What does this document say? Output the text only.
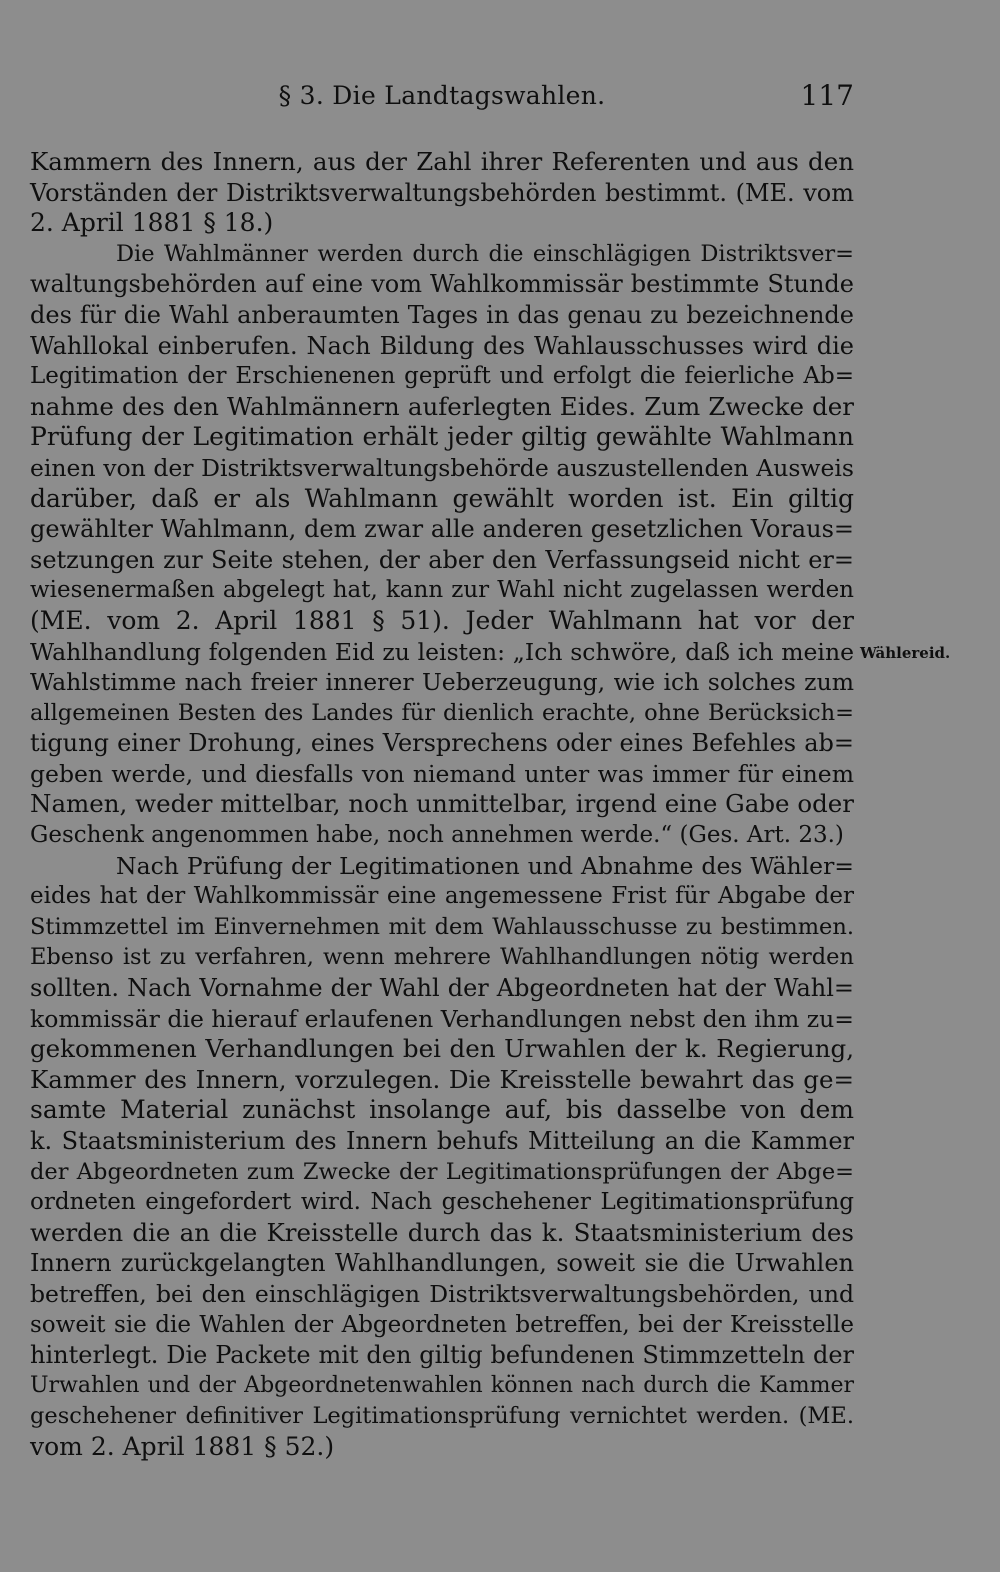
§ 3. Die Landtagswahlen.	117
Kammern des Innern, aus der Zahl ihrer Referenten und aus den
Vorständen der Distriktsverwaltungsbehörden bestimmt. (ME. vom
2. April 1881 § 18.)
Die Wahlmänner werden durch die einschlägigen Distriktsver=
waltungsbehörden auf eine vom Wahlkommissär bestimmte Stunde
des für die Wahl anberaumten Tages in das genau zu bezeichnende
Wahllokal einberufen. Nach Bildung des Wahlausschusses wird die
Legitimation der Erschienenen geprüft und erfolgt die feierliche Ab=
nahme des den Wahlmännern auferlegten Eides. Zum Zwecke der
Prüfung der Legitimation erhält jeder giltig gewählte Wahlmann
einen von der Distriktsverwaltungsbehörde auszustellenden Ausweis
darüber, daß er als Wahlmann gewählt worden ist. Ein giltig
gewählter Wahlmann, dem zwar alle anderen gesetzlichen Voraus=
setzungen zur Seite stehen, der aber den Verfassungseid nicht er=
wiesenermaßen abgelegt hat, kann zur Wahl nicht zugelassen werden
(ME. vom 2. April 1881 § 51). Jeder Wahlmann hat vor der
Wahlhandlung folgenden Eid zu leisten: „Ich schwöre, daß ich meine
Wahlstimme nach freier innerer Ueberzeugung, wie ich solches zum
allgemeinen Besten des Landes für dienlich erachte, ohne Berücksich=
tigung einer Drohung, eines Versprechens oder eines Befehles ab=
geben werde, und diesfalls von niemand unter was immer für einem
Namen, weder mittelbar, noch unmittelbar, irgend eine Gabe oder
Geschenk angenommen habe, noch annehmen werde.“ (Ges. Art. 23.)
Nach Prüfung der Legitimationen und Abnahme des Wähler=
eides hat der Wahlkommissär eine angemessene Frist für Abgabe der
Stimmzettel im Einvernehmen mit dem Wahlausschusse zu bestimmen.
Ebenso ist zu verfahren, wenn mehrere Wahlhandlungen nötig werden
sollten. Nach Vornahme der Wahl der Abgeordneten hat der Wahl=
kommissär die hierauf erlaufenen Verhandlungen nebst den ihm zu=
gekommenen Verhandlungen bei den Urwahlen der k. Regierung,
Kammer des Innern, vorzulegen. Die Kreisstelle bewahrt das ge=
samte Material zunächst insolange auf, bis dasselbe von dem
k. Staatsministerium des Innern behufs Mitteilung an die Kammer
der Abgeordneten zum Zwecke der Legitimationsprüfungen der Abge=
ordneten eingefordert wird. Nach geschehener Legitimationsprüfung
werden die an die Kreisstelle durch das k. Staatsministerium des
Innern zurückgelangten Wahlhandlungen, soweit sie die Urwahlen
betreffen, bei den einschlägigen Distriktsverwaltungsbehörden, und
soweit sie die Wahlen der Abgeordneten betreffen, bei der Kreisstelle
hinterlegt. Die Packete mit den giltig befundenen Stimmzetteln der
Urwahlen und der Abgeordnetenwahlen können nach durch die Kammer
geschehener definitiver Legitimationsprüfung vernichtet werden. (ME.
vom 2. April 1881 § 52.)
Wählereid.
